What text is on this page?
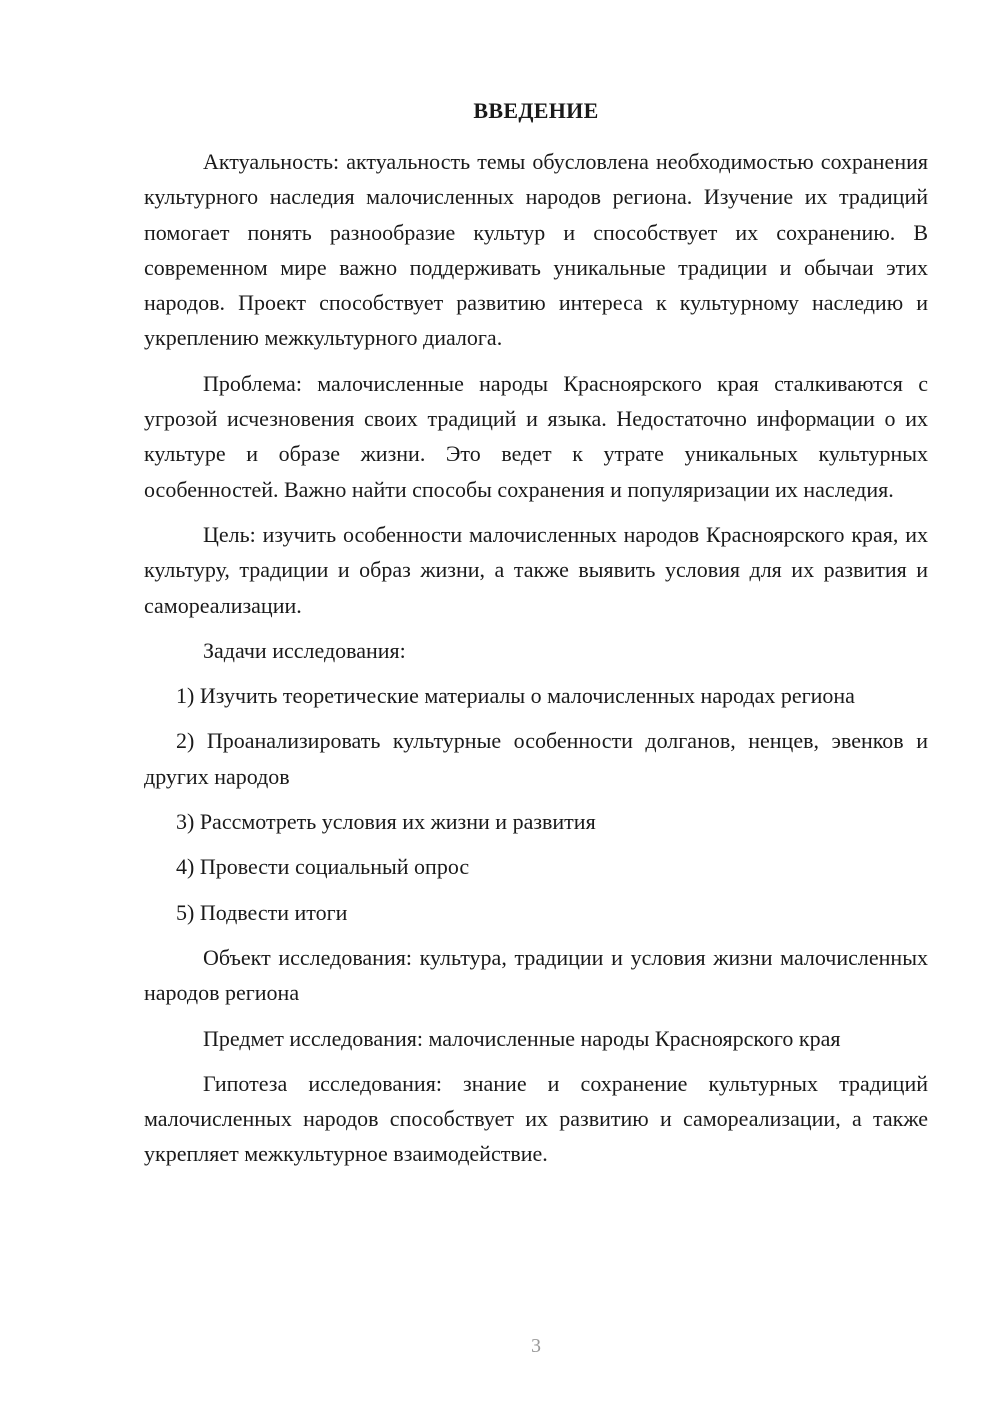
ВВЕДЕНИЕ

Актуальность: актуальность темы обусловлена необходимостью сохранения культурного наследия малочисленных народов региона. Изучение их традиций помогает понять разнообразие культур и способствует их сохранению. В современном мире важно поддерживать уникальные традиции и обычаи этих народов. Проект способствует развитию интереса к культурному наследию и укреплению межкультурного диалога.

Проблема: малочисленные народы Красноярского края сталкиваются с угрозой исчезновения своих традиций и языка. Недостаточно информации о их культуре и образе жизни. Это ведет к утрате уникальных культурных особенностей. Важно найти способы сохранения и популяризации их наследия.

Цель: изучить особенности малочисленных народов Красноярского края, их культуру, традиции и образ жизни, а также выявить условия для их развития и самореализации.

Задачи исследования:

1) Изучить теоретические материалы о малочисленных народах региона

2) Проанализировать культурные особенности долганов, ненцев, эвенков и других народов

3) Рассмотреть условия их жизни и развития

4) Провести социальный опрос

5) Подвести итоги

Объект исследования: культура, традиции и условия жизни малочисленных народов региона

Предмет исследования: малочисленные народы Красноярского края

Гипотеза исследования: знание и сохранение культурных традиций малочисленных народов способствует их развитию и самореализации, а также укрепляет межкультурное взаимодействие.

3
